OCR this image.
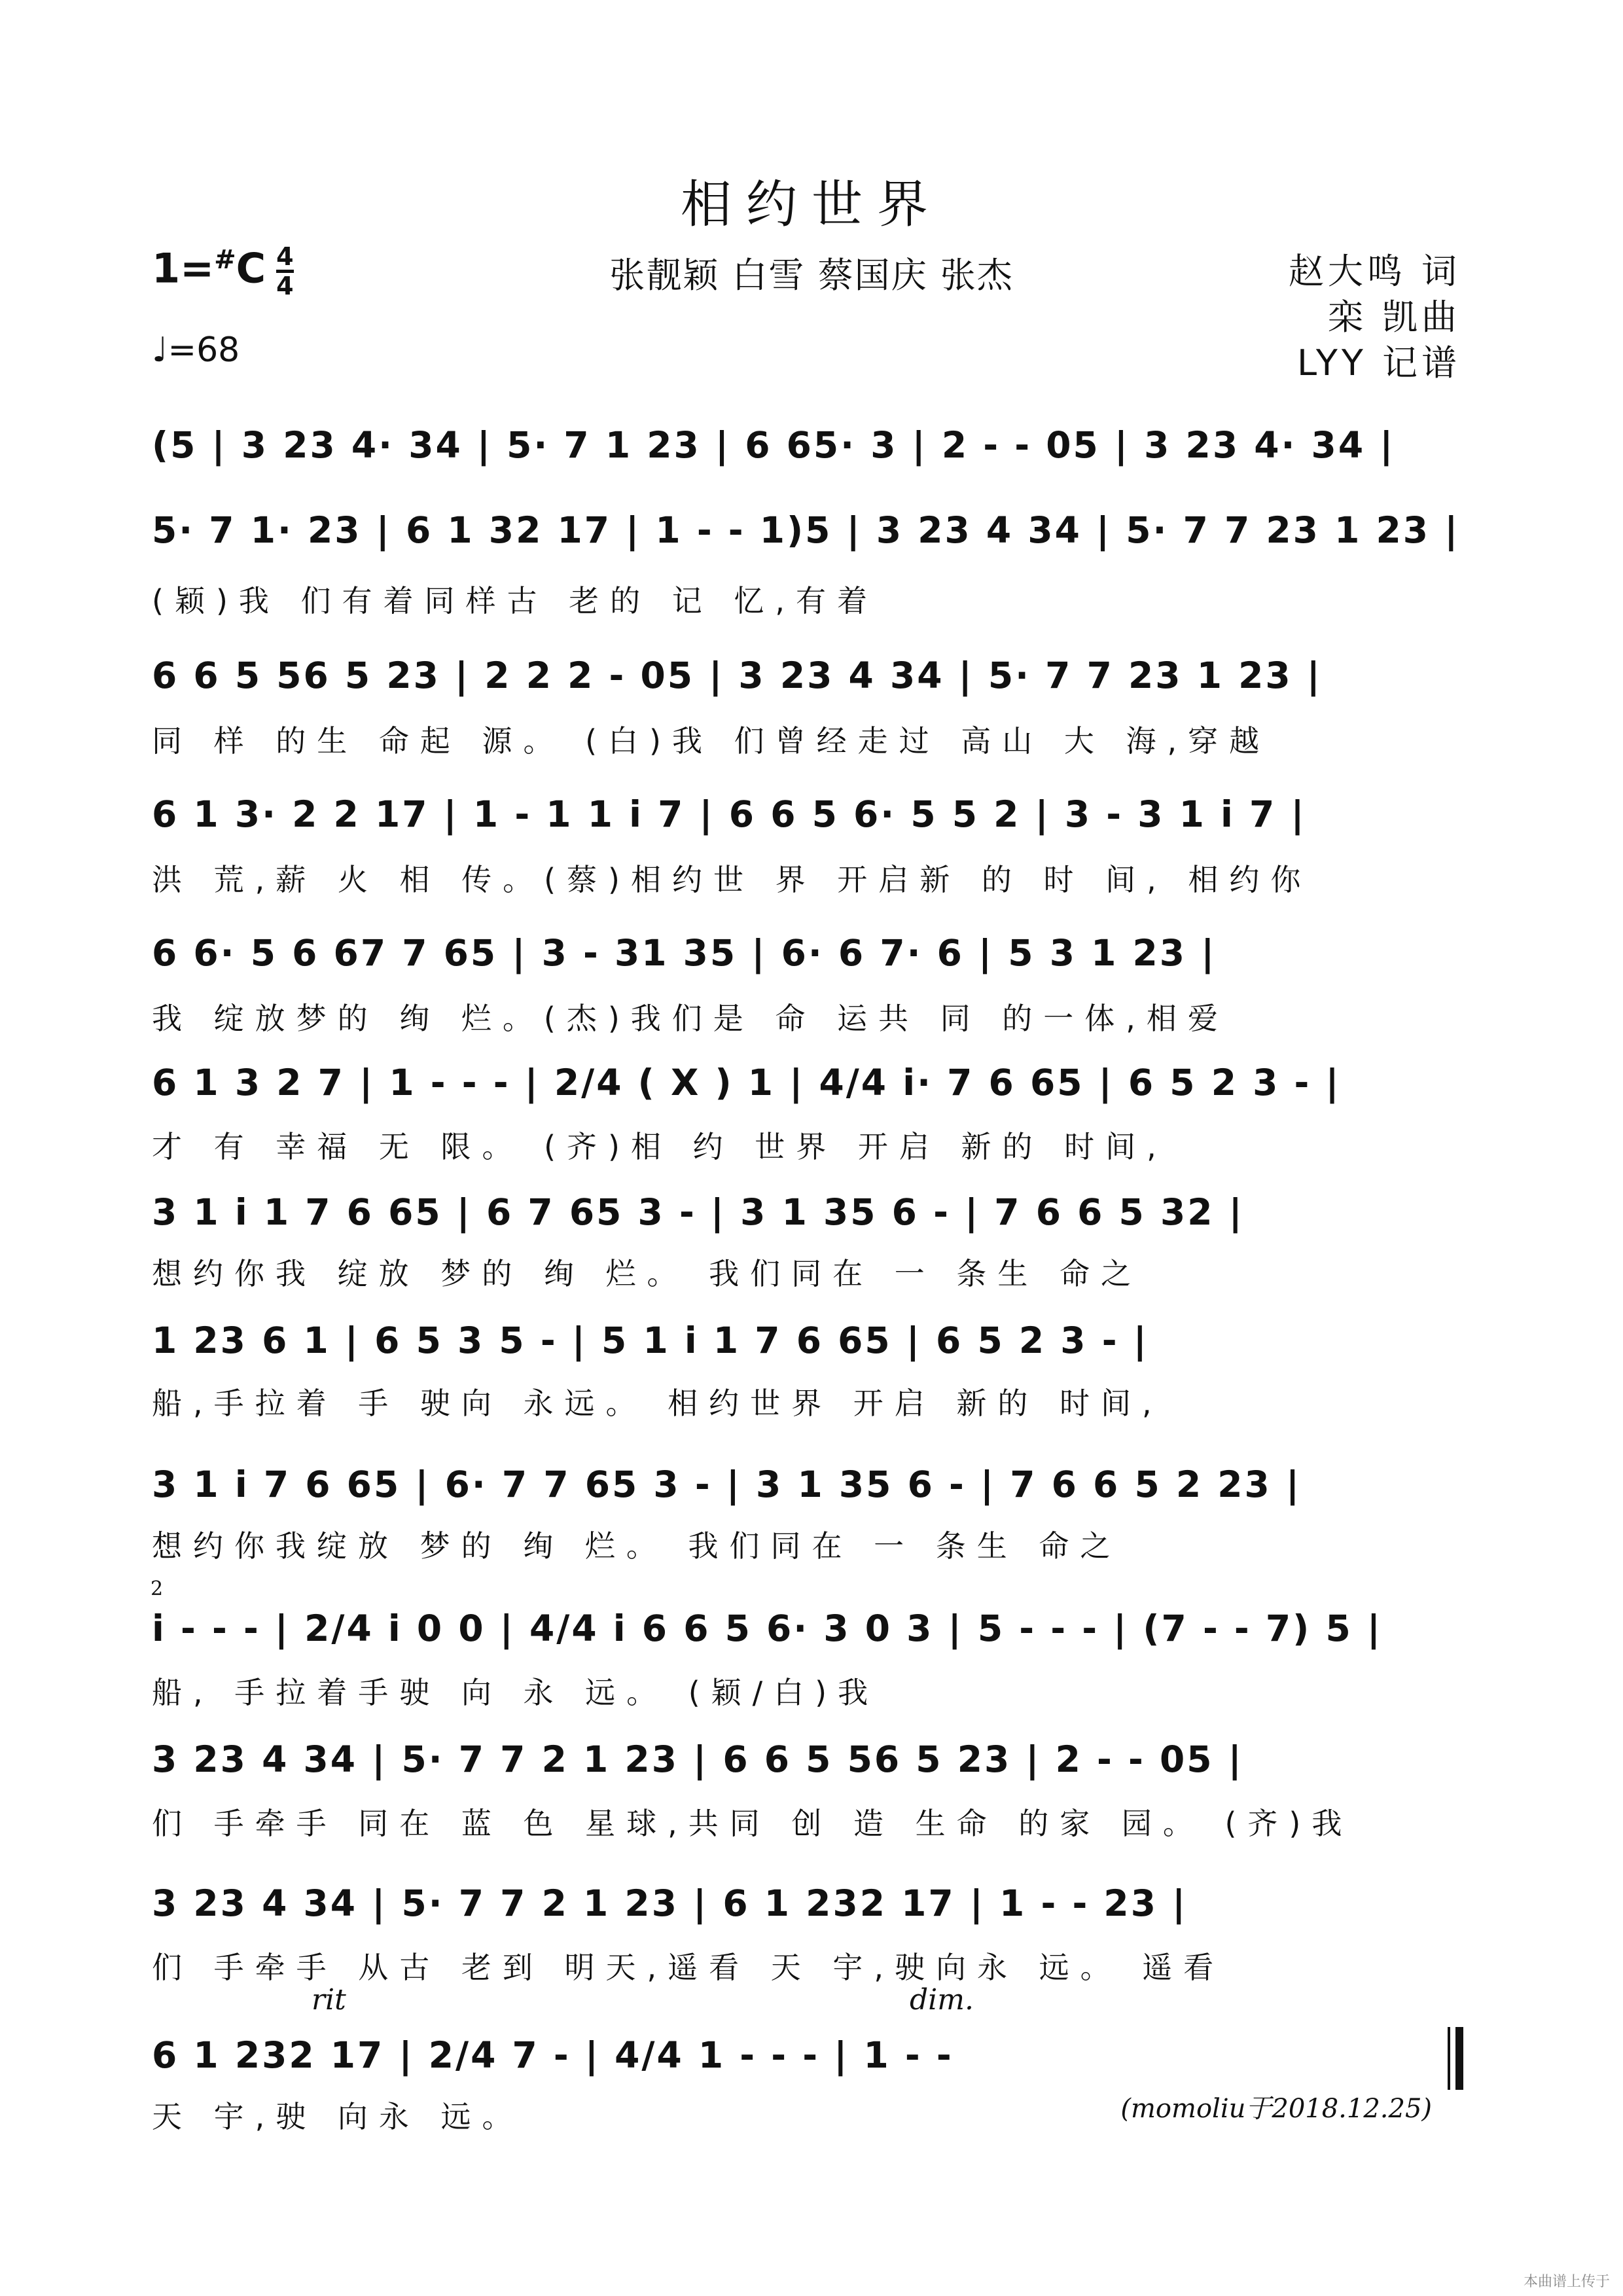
相约世界
$1=^{\#}C \frac{4}{4}$
♩=68
张靓颖 白雪 蔡国庆 张杰	赵大鸣 词
栾 凯曲
LYY 记谱
(5 | 3 23 4· 34 | 5· 7 1 23 | 6 65· 3 | 2 - - 05 | 3 23 4· 34 |
5· 7 1· 23 | 6 1 32 17 | 1 - - 1)5 | 3 23 4 34 | 5· 7 7 23 1 23 |
(颖)我 们有着同样古 老的 记 忆,有着
6 6 5 56 5 23 | 2 2 2 - 05 | 3 23 4 34 | 5· 7 7 23 1 23 |
同 样 的生 命起 源。 (白)我 们曾经走过 高山 大 海,穿越
6 1 3· 2 2 17 | 1 - 1 1 i 7 | 6 6 5 6· 5 5 2 | 3 - 3 1 i 7 |
洪 荒,薪 火 相 传。(蔡)相约世 界 开启新 的 时 间, 相约你
6 6· 5 6 67 7 65 | 3 - 31 35 | 6· 6 7· 6 | 5 3 1 23 |
我 绽放梦的 绚 烂。(杰)我们是 命 运共 同 的一体,相爱
6 1 3 2 7 | 1 - - - | 2/4 ( X ) 1 | 4/4 i· 7 6 65 | 6 5 2 3 - |
才 有 幸福 无 限。 (齐)相 约 世界 开启 新的 时间,
3 1 i 1 7 6 65 | 6 7 65 3 - | 3 1 35 6 - | 7 6 6 5 32 |
想约你我 绽放 梦的 绚 烂。 我们同在 一 条生 命之
1 23 6 1 | 6 5 3 5 - | 5 1 i 1 7 6 65 | 6 5 2 3 - |
船,手拉着 手 驶向 永远。 相约世界 开启 新的 时间,
3 1 i 7 6 65 | 6· 7 7 65 3 - | 3 1 35 6 - | 7 6 6 5 2 23 |
想约你我绽放 梦的 绚 烂。 我们同在 一 条生 命之
2
i - - - | 2/4 i 0 0 | 4/4 i 6 6 5 6· 3 0 3 | 5 - - - | (7 - - 7) 5 |
船, 手拉着手驶 向 永 远。 (颖/白)我
3 23 4 34 | 5· 7 7 2 1 23 | 6 6 5 56 5 23 | 2 - - 05 |
们 手牵手 同在 蓝 色 星球,共同 创 造 生命 的家 园。 (齐)我
3 23 4 34 | 5· 7 7 2 1 23 | 6 1 232 17 | 1 - - 23 |
们 手牵手 从古 老到 明天,遥看 天 宇,驶向永 远。 遥看
rit	dim.
6 1 232 17 | 2/4 7 - | 4/4 1 - - - | 1 - -
天 宇,驶 向永 远。	(momoliu于2018.12.25)
本曲谱上传于
